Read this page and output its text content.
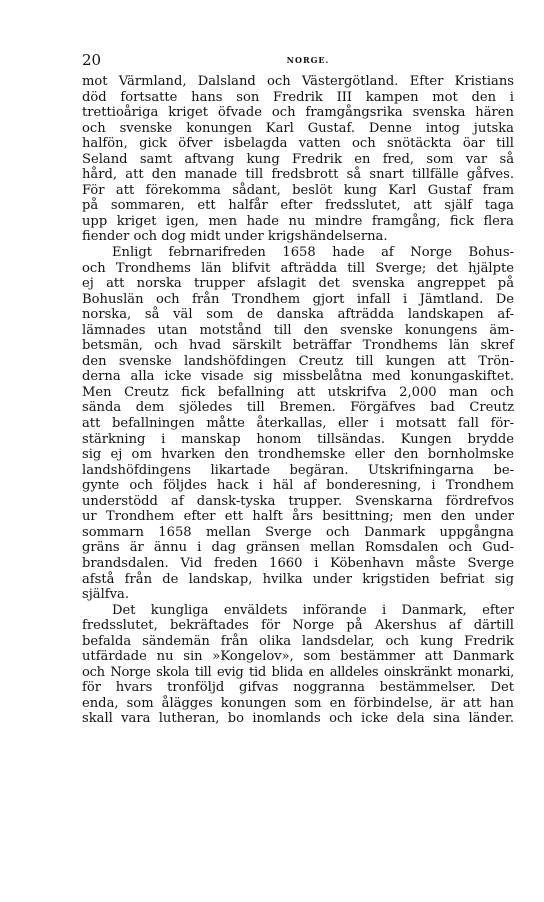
20	NORGE.

mot Värmland, Dalsland och Västergötland. Efter Kristians
död fortsatte hans son Fredrik III kampen mot den i
trettioåriga kriget öfvade och framgångsrika svenska hären
och svenske konungen Karl Gustaf. Denne intog jutska
halfön, gick öfver isbelagda vatten och snötäckta öar till
Seland samt aftvang kung Fredrik en fred, som var så
hård, att den manade till fredsbrott så snart tillfälle gåfves.
För att förekomma sådant, beslöt kung Karl Gustaf fram
på sommaren, ett halfår efter fredsslutet, att själf taga
upp kriget igen, men hade nu mindre framgång, fick flera
fiender och dog midt under krigshändelserna.

Enligt febrnarifreden 1658 hade af Norge Bohus-
och Trondhems län blifvit afträdda till Sverge; det hjälpte
ej att norska trupper afslagit det svenska angreppet på
Bohuslän och från Trondhem gjort infall i Jämtland. De
norska, så väl som de danska afträdda landskapen af-
lämnades utan motstånd till den svenske konungens äm-
betsmän, och hvad särskilt beträffar Trondhems län skref
den svenske landshöfdingen Creutz till kungen att Trön-
derna alla icke visade sig missbelåtna med konungaskiftet.
Men Creutz fick befallning att utskrifva 2,000 man och
sända dem sjöledes till Bremen. Förgäfves bad Creutz
att befallningen måtte återkallas, eller i motsatt fall för-
stärkning i manskap honom tillsändas. Kungen brydde
sig ej om hvarken den trondhemske eller den bornholmske
landshöfdingens likartade begäran. Utskrifningarna be-
gynte och följdes hack i häl af bonderesning, i Trondhem
understödd af dansk-tyska trupper. Svenskarna fördrefvos
ur Trondhem efter ett halft års besittning; men den under
sommarn 1658 mellan Sverge och Danmark uppgångna
gräns är ännu i dag gränsen mellan Romsdalen och Gud-
brandsdalen. Vid freden 1660 i Köbenhavn måste Sverge
afstå från de landskap, hvilka under krigstiden befriat sig
själfva.

Det kungliga enväldets införande i Danmark, efter
fredsslutet, bekräftades för Norge på Akershus af därtill
befalda sändemän från olika landsdelar, och kung Fredrik
utfärdade nu sin »Kongelov», som bestämmer att Danmark
och Norge skola till evig tid blida en alldeles oinskränkt monarki,
för hvars tronföljd gifvas noggranna bestämmelser. Det
enda, som ålägges konungen som en förbindelse, är att han
skall vara lutheran, bo inomlands och icke dela sina länder.
